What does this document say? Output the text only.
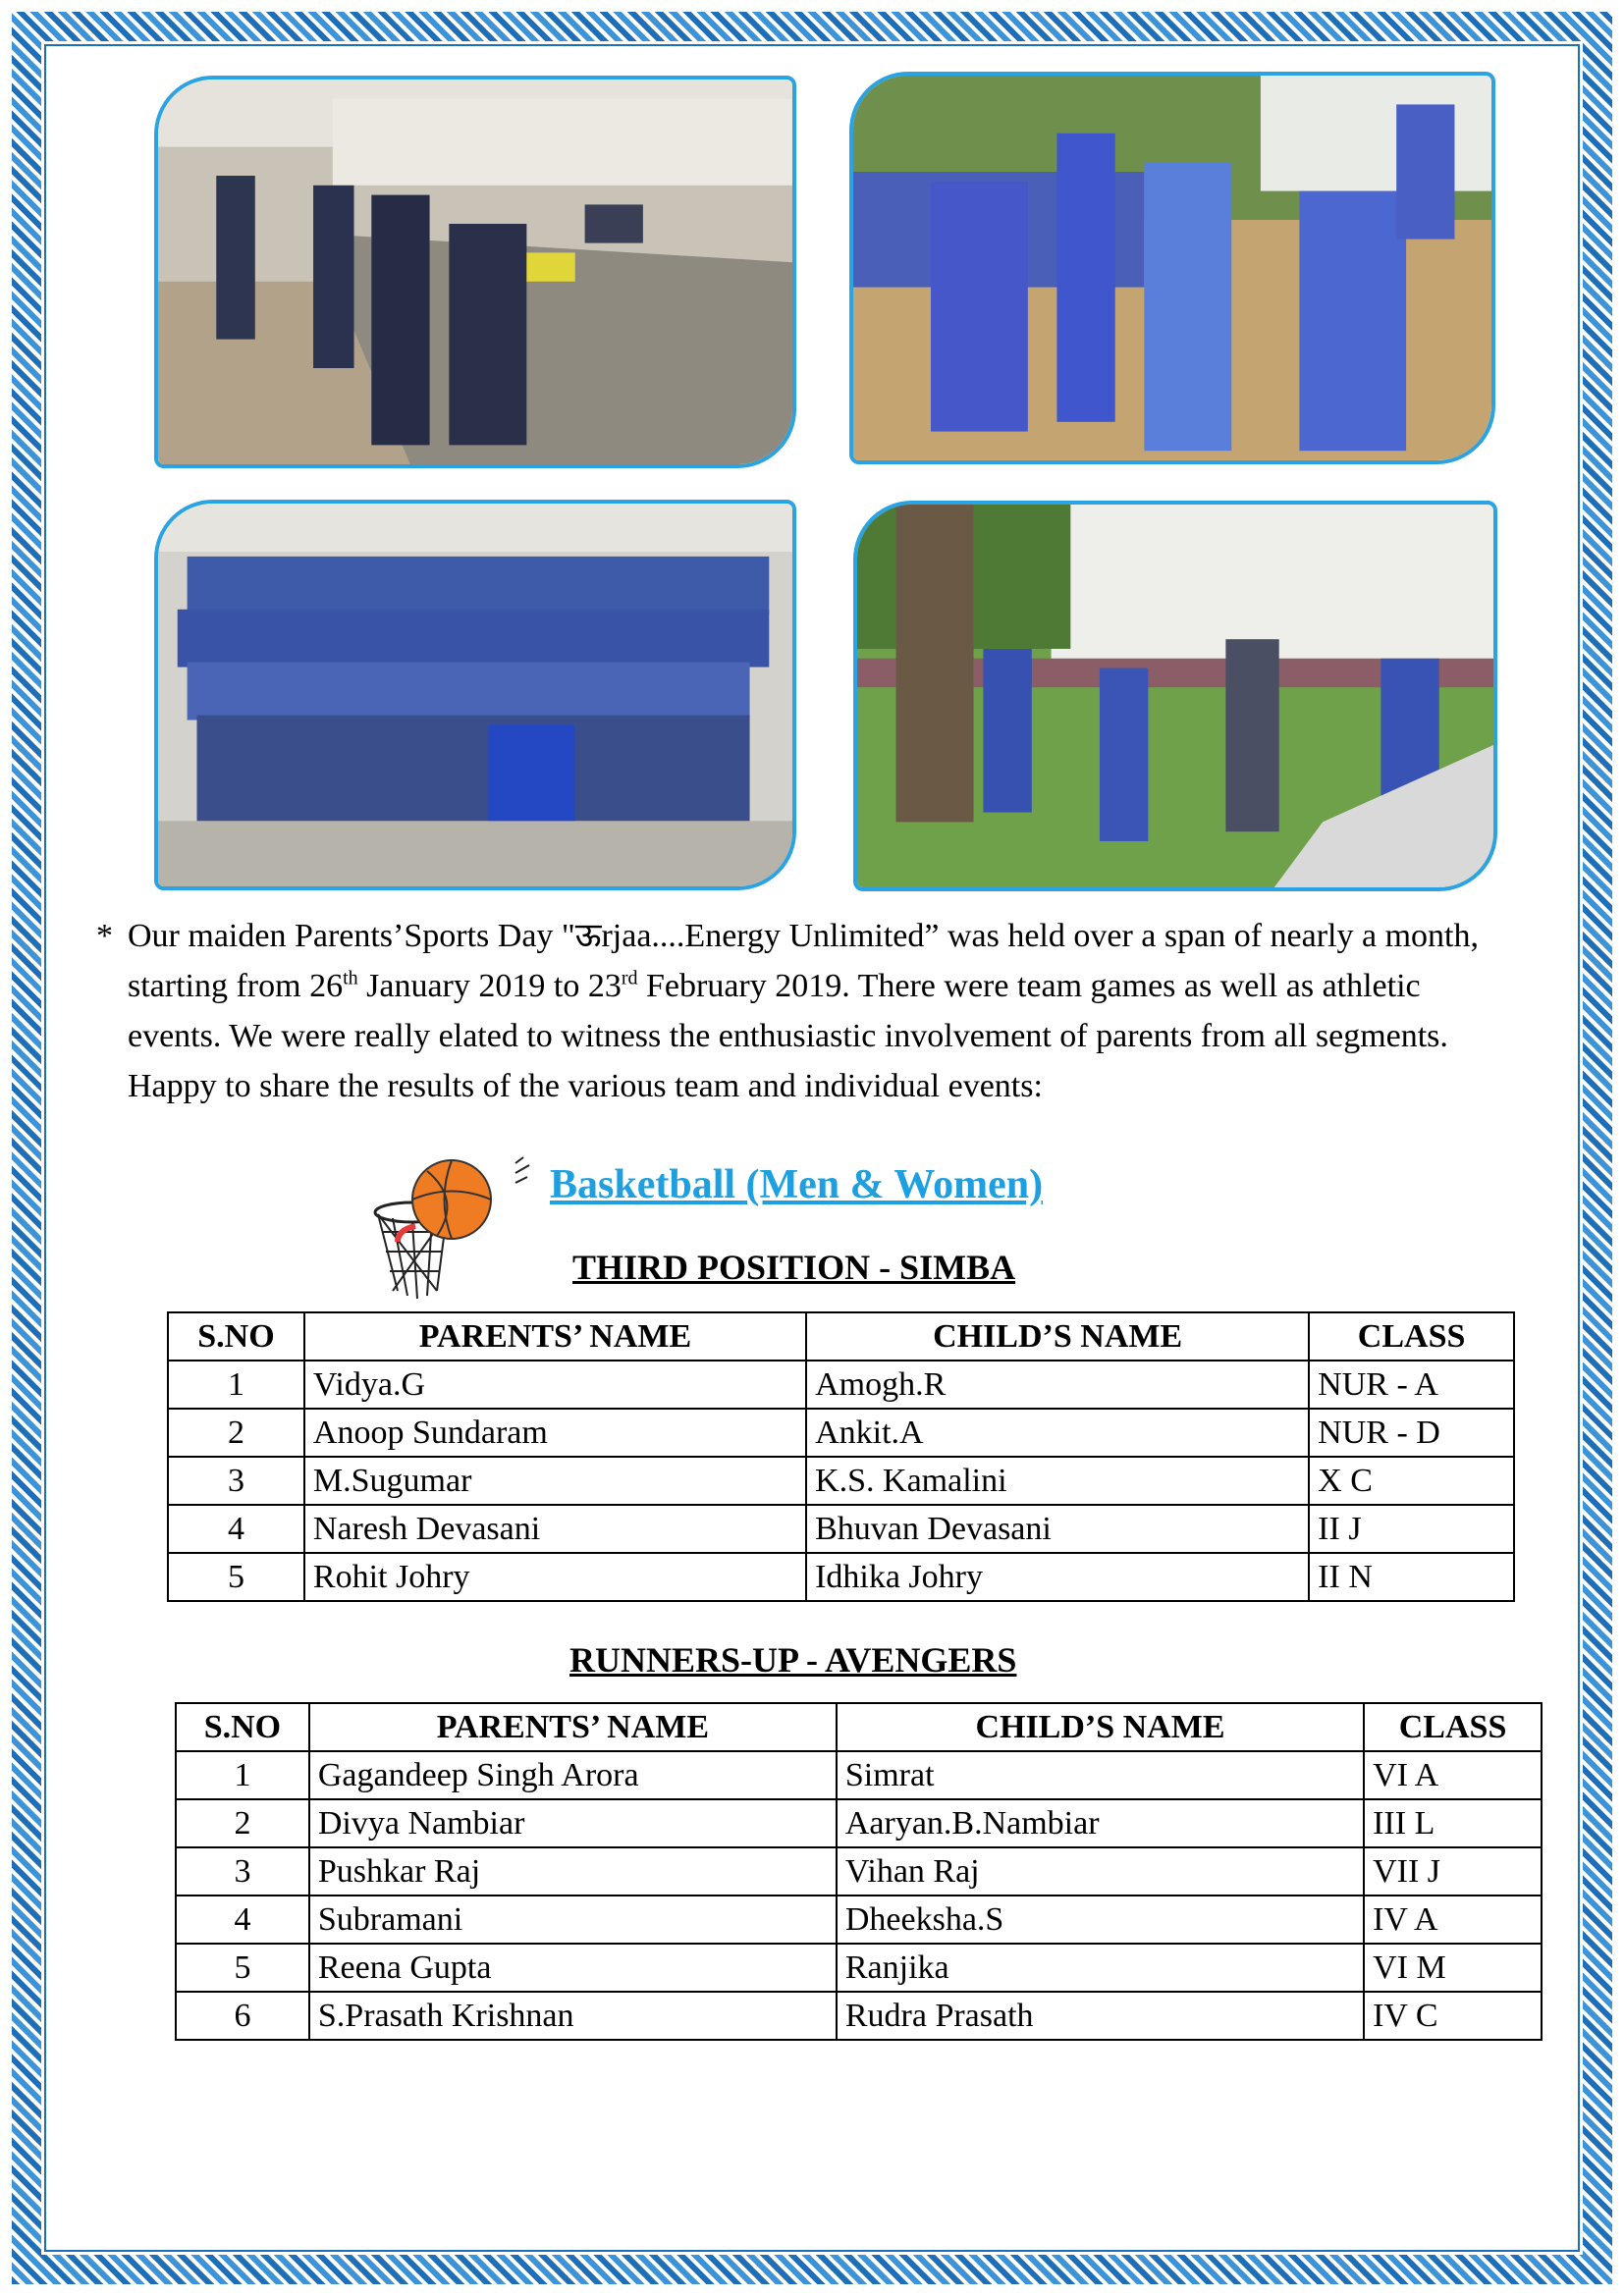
* Our maiden Parents’Sports Day "ऊrjaa....Energy Unlimited” was held over a span of nearly a month, starting from 26th January 2019 to 23rd February 2019. There were team games as well as athletic events. We were really elated to witness the enthusiastic involvement of parents from all segments. Happy to share the results of the various team and individual events:
Basketball (Men & Women)
THIRD POSITION - SIMBA
S.NO	PARENTS’ NAME	CHILD’S NAME	CLASS
1	Vidya.G	Amogh.R	NUR - A
2	Anoop Sundaram	Ankit.A	NUR - D
3	M.Sugumar	K.S. Kamalini	X C
4	Naresh Devasani	Bhuvan Devasani	II J
5	Rohit Johry	Idhika Johry	II N
RUNNERS-UP - AVENGERS
S.NO	PARENTS’ NAME	CHILD’S NAME	CLASS
1	Gagandeep Singh Arora	Simrat	VI A
2	Divya Nambiar	Aaryan.B.Nambiar	III L
3	Pushkar Raj	Vihan Raj	VII J
4	Subramani	Dheeksha.S	IV A
5	Reena Gupta	Ranjika	VI M
6	S.Prasath Krishnan	Rudra Prasath	IV C
